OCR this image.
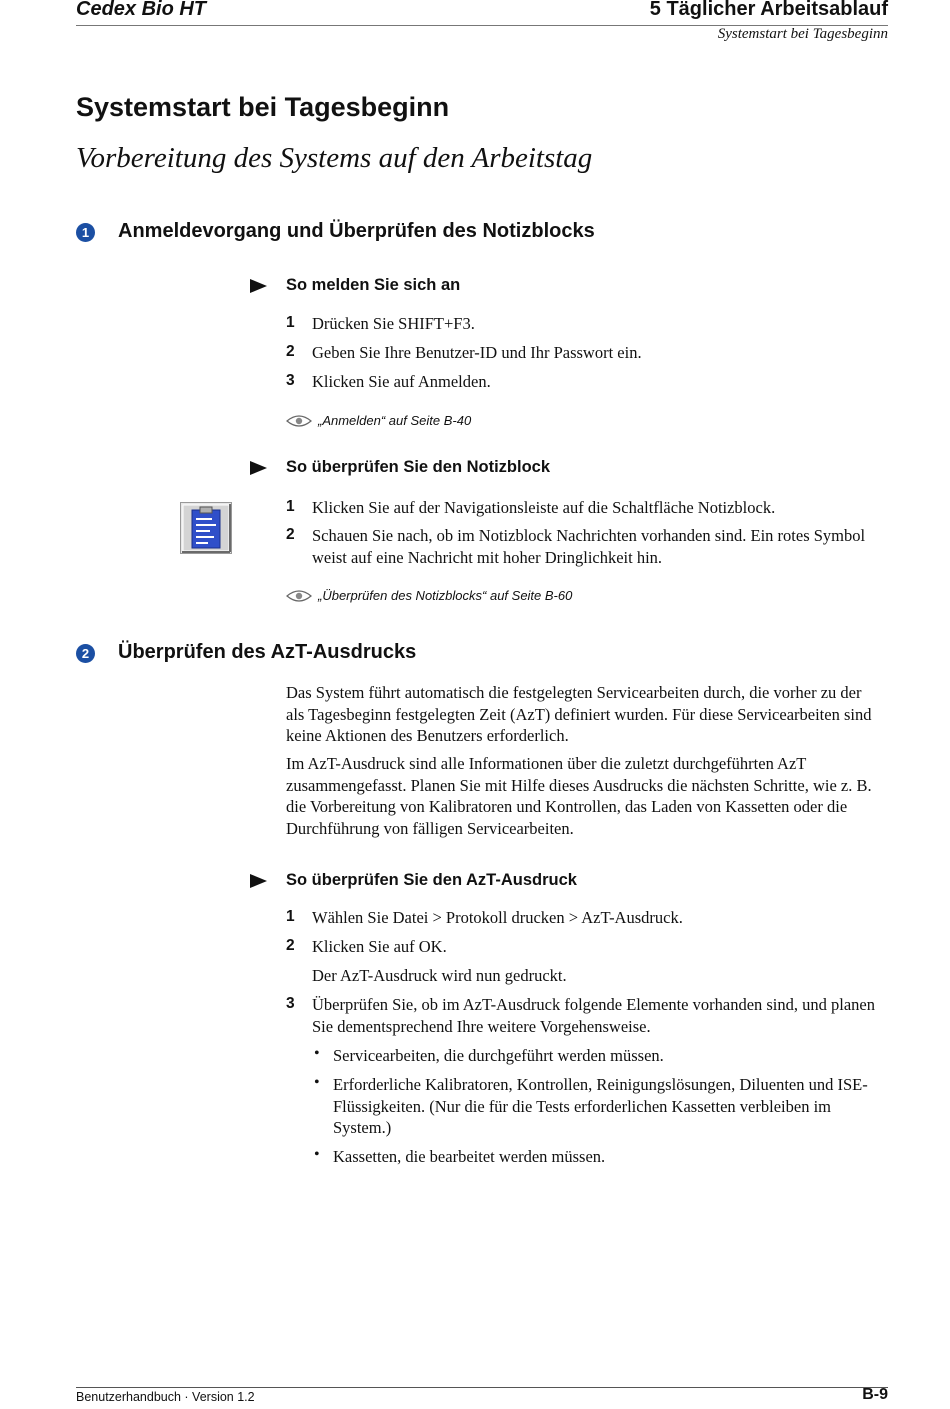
Cedex Bio HT	5 Täglicher Arbeitsablauf
Systemstart bei Tagesbeginn
Systemstart bei Tagesbeginn
Vorbereitung des Systems auf den Arbeitstag
1 Anmeldevorgang und Überprüfen des Notizblocks
So melden Sie sich an
1 Drücken Sie SHIFT+F3.
2 Geben Sie Ihre Benutzer-ID und Ihr Passwort ein.
3 Klicken Sie auf Anmelden.
„Anmelden“ auf Seite B-40
So überprüfen Sie den Notizblock
1 Klicken Sie auf der Navigationsleiste auf die Schaltfläche Notizblock.
2 Schauen Sie nach, ob im Notizblock Nachrichten vorhanden sind. Ein rotes Symbol weist auf eine Nachricht mit hoher Dringlichkeit hin.
„Überprüfen des Notizblocks“ auf Seite B-60
2 Überprüfen des AzT-Ausdrucks
Das System führt automatisch die festgelegten Servicearbeiten durch, die vorher zu der als Tagesbeginn festgelegten Zeit (AzT) definiert wurden. Für diese Servicearbeiten sind keine Aktionen des Benutzers erforderlich.
Im AzT-Ausdruck sind alle Informationen über die zuletzt durchgeführten AzT zusammengefasst. Planen Sie mit Hilfe dieses Ausdrucks die nächsten Schritte, wie z. B. die Vorbereitung von Kalibratoren und Kontrollen, das Laden von Kassetten oder die Durchführung von fälligen Servicearbeiten.
So überprüfen Sie den AzT-Ausdruck
1 Wählen Sie Datei > Protokoll drucken > AzT-Ausdruck.
2 Klicken Sie auf OK.
Der AzT-Ausdruck wird nun gedruckt.
3 Überprüfen Sie, ob im AzT-Ausdruck folgende Elemente vorhanden sind, und planen Sie dementsprechend Ihre weitere Vorgehensweise.
• Servicearbeiten, die durchgeführt werden müssen.
• Erforderliche Kalibratoren, Kontrollen, Reinigungslösungen, Diluenten und ISE-Flüssigkeiten. (Nur die für die Tests erforderlichen Kassetten verbleiben im System.)
• Kassetten, die bearbeitet werden müssen.
Benutzerhandbuch · Version 1.2	B-9
